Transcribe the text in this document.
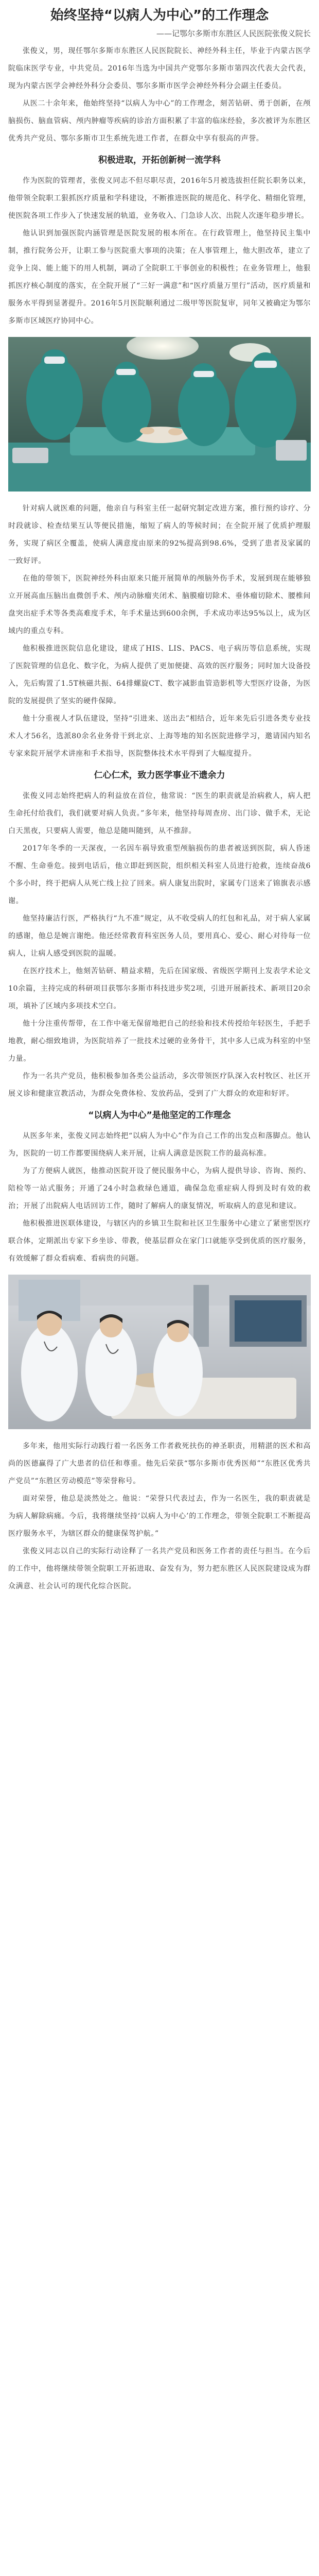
始终坚持“以病人为中心”的工作理念
——记鄂尔多斯市东胜区人民医院张俊义院长

张俊义，男，现任鄂尔多斯市东胜区人民医院院长、神经外科主任，毕业于内蒙古医学院临床医学专业，中共党员。2016年当选为中国共产党鄂尔多斯市第四次代表大会代表，现为内蒙古医学会神经外科分会委员、鄂尔多斯市医学会神经外科分会副主任委员。

从医二十余年来，他始终坚持“以病人为中心”的工作理念，刻苦钻研、勇于创新，在颅脑损伤、脑血管病、颅内肿瘤等疾病的诊治方面积累了丰富的临床经验，多次被评为东胜区优秀共产党员、鄂尔多斯市卫生系统先进工作者，在群众中享有很高的声誉。

积极进取，开拓创新树一流学科

作为医院的管理者，张俊义同志不但尽职尽责，2016年5月被选拔担任院长职务以来，他带领全院职工狠抓医疗质量和学科建设，不断推进医院的规范化、科学化、精细化管理，使医院各项工作步入了快速发展的轨道，业务收入、门急诊人次、出院人次逐年稳步增长。

他认识到加强医院内涵管理是医院发展的根本所在。在行政管理上，他坚持民主集中制，推行院务公开，让职工参与医院重大事项的决策；在人事管理上，他大胆改革，建立了竞争上岗、能上能下的用人机制，调动了全院职工干事创业的积极性；在业务管理上，他狠抓医疗核心制度的落实，在全院开展了“三好一满意”和“医疗质量万里行”活动，医疗质量和服务水平得到显著提升。2016年5月医院顺利通过二级甲等医院复审，同年又被确定为鄂尔多斯市区域医疗协同中心。

针对病人就医难的问题，他亲自与科室主任一起研究制定改进方案，推行预约诊疗、分时段就诊、检查结果互认等便民措施，缩短了病人的等候时间；在全院开展了优质护理服务，实现了病区全覆盖，使病人满意度由原来的92%提高到98.6%，受到了患者及家属的一致好评。

在他的带领下，医院神经外科由原来只能开展简单的颅脑外伤手术，发展到现在能够独立开展高血压脑出血微创手术、颅内动脉瘤夹闭术、脑膜瘤切除术、垂体瘤切除术、腰椎间盘突出症手术等各类高难度手术，年手术量达到600余例，手术成功率达95%以上，成为区域内的重点专科。

他积极推进医院信息化建设，建成了HIS、LIS、PACS、电子病历等信息系统，实现了医院管理的信息化、数字化，为病人提供了更加便捷、高效的医疗服务；同时加大设备投入，先后购置了1.5T核磁共振、64排螺旋CT、数字减影血管造影机等大型医疗设备，为医院的发展提供了坚实的硬件保障。

他十分重视人才队伍建设，坚持“引进来、送出去”相结合，近年来先后引进各类专业技术人才56名，选派80余名业务骨干到北京、上海等地的知名医院进修学习，邀请国内知名专家来院开展学术讲座和手术指导，医院整体技术水平得到了大幅度提升。

仁心仁术，致力医学事业不遗余力

张俊义同志始终把病人的利益放在首位，他常说：“医生的职责就是治病救人，病人把生命托付给我们，我们就要对病人负责。”多年来，他坚持每周查房、出门诊、做手术，无论白天黑夜，只要病人需要，他总是随叫随到，从不推辞。

2017年冬季的一天深夜，一名因车祸导致重型颅脑损伤的患者被送到医院，病人昏迷不醒、生命垂危。接到电话后，他立即赶到医院，组织相关科室人员进行抢救，连续奋战6个多小时，终于把病人从死亡线上拉了回来。病人康复出院时，家属专门送来了锦旗表示感谢。

他坚持廉洁行医，严格执行“九不准”规定，从不收受病人的红包和礼品，对于病人家属的感谢，他总是婉言谢绝。他还经常教育科室医务人员，要用真心、爱心、耐心对待每一位病人，让病人感受到医院的温暖。

在医疗技术上，他刻苦钻研、精益求精，先后在国家级、省级医学期刊上发表学术论文10余篇，主持完成的科研项目获鄂尔多斯市科技进步奖2项，引进开展新技术、新项目20余项，填补了区域内多项技术空白。

他十分注重传帮带，在工作中毫无保留地把自己的经验和技术传授给年轻医生，手把手地教，耐心细致地讲，为医院培养了一批技术过硬的业务骨干，其中多人已成为科室的中坚力量。

作为一名共产党员，他积极参加各类公益活动，多次带领医疗队深入农村牧区、社区开展义诊和健康宣教活动，为群众免费体检、发放药品，受到了广大群众的欢迎和好评。

“以病人为中心”是他坚定的工作理念

从医多年来，张俊义同志始终把“以病人为中心”作为自己工作的出发点和落脚点。他认为，医院的一切工作都要围绕病人来开展，让病人满意是医院工作的最高标准。

为了方便病人就医，他推动医院开设了便民服务中心，为病人提供导诊、咨询、预约、陪检等一站式服务；开通了24小时急救绿色通道，确保急危重症病人得到及时有效的救治；开展了出院病人电话回访工作，随时了解病人的康复情况，听取病人的意见和建议。

他积极推进医联体建设，与辖区内的乡镇卫生院和社区卫生服务中心建立了紧密型医疗联合体，定期派出专家下乡坐诊、带教，使基层群众在家门口就能享受到优质的医疗服务，有效缓解了群众看病难、看病贵的问题。

多年来，他用实际行动践行着一名医务工作者救死扶伤的神圣职责，用精湛的医术和高尚的医德赢得了广大患者的信任和尊重。他先后荣获“鄂尔多斯市优秀医师”“东胜区优秀共产党员”“东胜区劳动模范”等荣誉称号。

面对荣誉，他总是淡然处之。他说：“荣誉只代表过去，作为一名医生，我的职责就是为病人解除病痛。今后，我将继续坚持‘以病人为中心’的工作理念，带领全院职工不断提高医疗服务水平，为辖区群众的健康保驾护航。”

张俊义同志以自己的实际行动诠释了一名共产党员和医务工作者的责任与担当。在今后的工作中，他将继续带领全院职工开拓进取、奋发有为，努力把东胜区人民医院建设成为群众满意、社会认可的现代化综合医院。
